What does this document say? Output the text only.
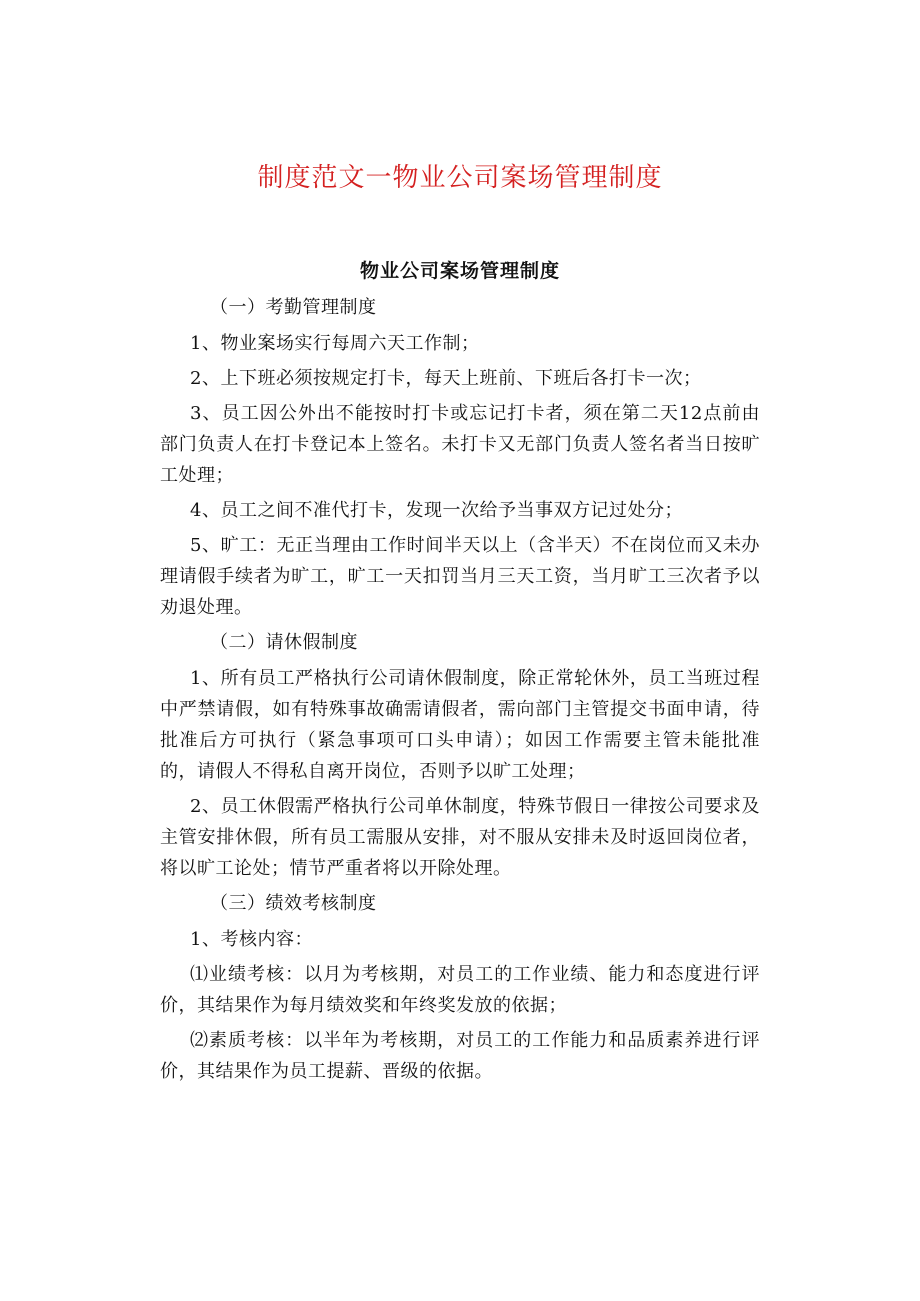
制度范文一物业公司案场管理制度
物业公司案场管理制度

（一）考勤管理制度

1、物业案场实行每周六天工作制；

2、上下班必须按规定打卡，每天上班前、下班后各打卡一次；

3、员工因公外出不能按时打卡或忘记打卡者，须在第二天12点前由部门负责人在打卡登记本上签名。未打卡又无部门负责人签名者当日按旷工处理；

4、员工之间不准代打卡，发现一次给予当事双方记过处分；

5、旷工：无正当理由工作时间半天以上（含半天）不在岗位而又未办理请假手续者为旷工，旷工一天扣罚当月三天工资，当月旷工三次者予以劝退处理。

（二）请休假制度

1、所有员工严格执行公司请休假制度，除正常轮休外，员工当班过程中严禁请假，如有特殊事故确需请假者，需向部门主管提交书面申请，待批准后方可执行（紧急事项可口头申请）；如因工作需要主管未能批准的，请假人不得私自离开岗位，否则予以旷工处理；

2、员工休假需严格执行公司单休制度，特殊节假日一律按公司要求及主管安排休假，所有员工需服从安排，对不服从安排未及时返回岗位者，将以旷工论处；情节严重者将以开除处理。

（三）绩效考核制度

1、考核内容：

⑴业绩考核：以月为考核期，对员工的工作业绩、能力和态度进行评价，其结果作为每月绩效奖和年终奖发放的依据；

⑵素质考核：以半年为考核期，对员工的工作能力和品质素养进行评价，其结果作为员工提薪、晋级的依据。
